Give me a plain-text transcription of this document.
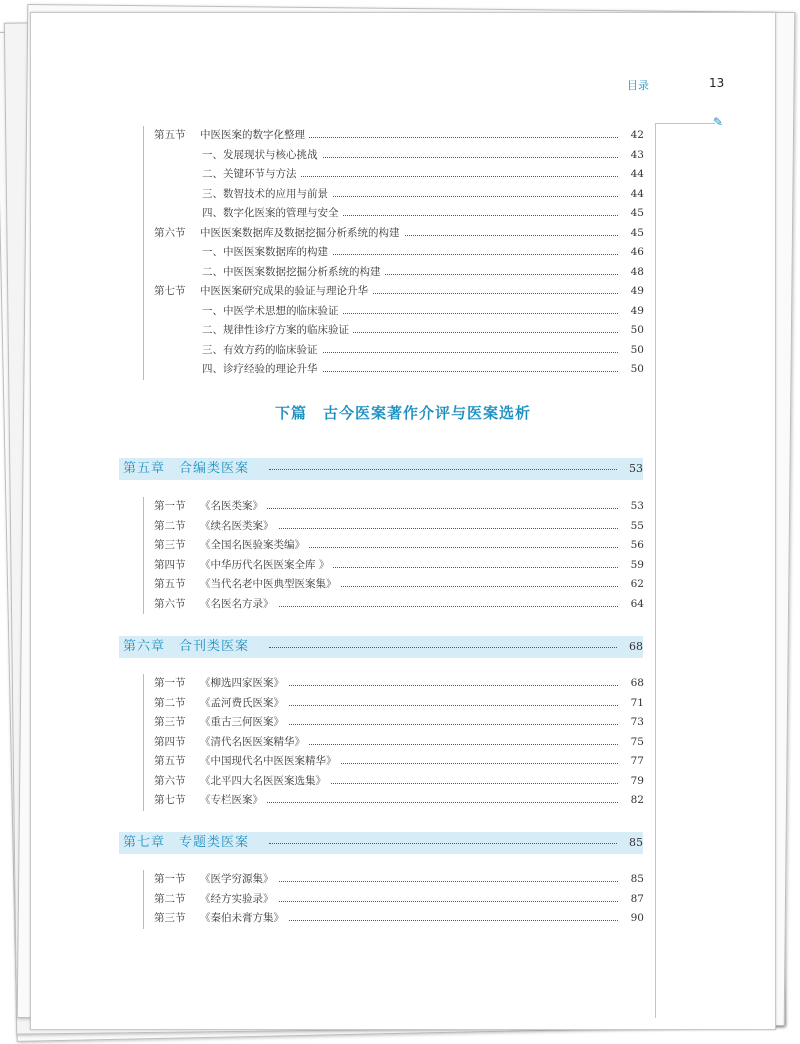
目录	13
✎
第五节 中医医案的数字化整理	42
一、发展现状与核心挑战	43
二、关键环节与方法	44
三、数智技术的应用与前景	44
四、数字化医案的管理与安全	45
第六节 中医医案数据库及数据挖掘分析系统的构建	45
一、中医医案数据库的构建	46
二、中医医案数据挖掘分析系统的构建	48
第七节 中医医案研究成果的验证与理论升华	49
一、中医学术思想的临床验证	49
二、规律性诊疗方案的临床验证	50
三、有效方药的临床验证	50
四、诊疗经验的理论升华	50
下篇　古今医案著作介评与医案选析
第五章　合编类医案	53
第一节 《名医类案》	53
第二节 《续名医类案》	55
第三节 《全国名医验案类编》	56
第四节 《中华历代名医医案全库 》	59
第五节 《当代名老中医典型医案集》	62
第六节 《名医名方录》	64
第六章　合刊类医案	68
第一节 《柳选四家医案》	68
第二节 《孟河费氏医案》	71
第三节 《重古三何医案》	73
第四节 《清代名医医案精华》	75
第五节 《中国现代名中医医案精华》	77
第六节 《北平四大名医医案选集》	79
第七节 《专栏医案》	82
第七章　专题类医案	85
第一节 《医学穷源集》	85
第二节 《经方实验录》	87
第三节 《秦伯未膏方集》	90
